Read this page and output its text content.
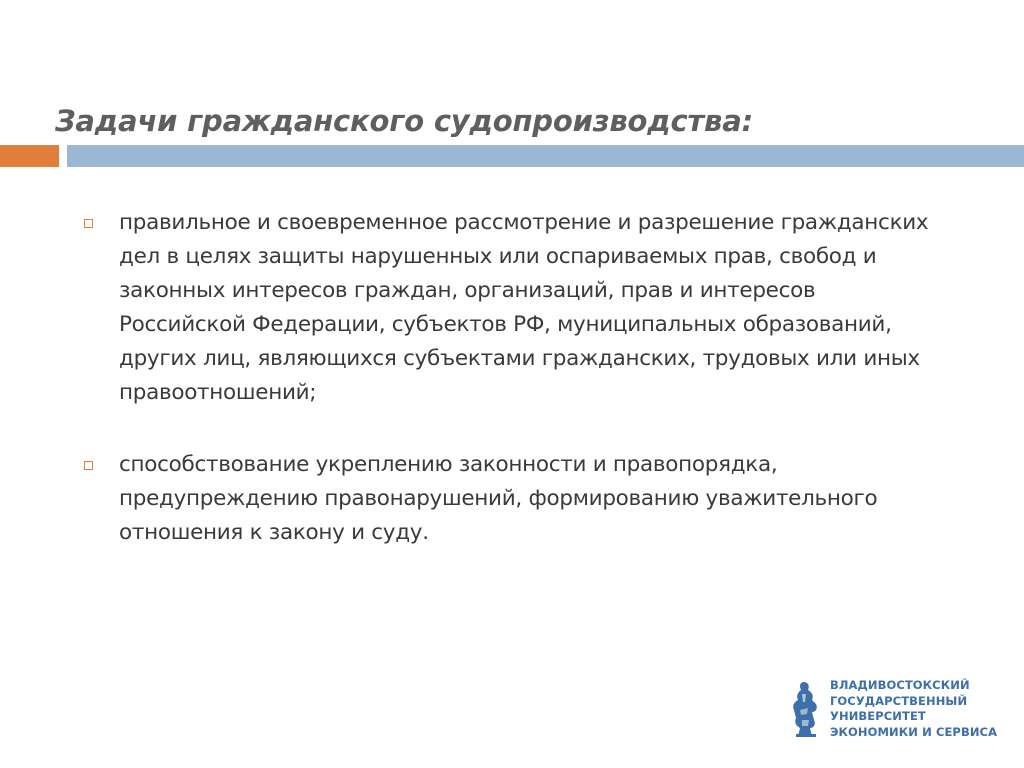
Задачи гражданского судопроизводства:
правильное и своевременное рассмотрение и разрешение гражданских дел в целях защиты нарушенных или оспариваемых прав, свобод и законных интересов граждан, организаций, прав и интересов Российской Федерации, субъектов РФ, муниципальных образований, других лиц, являющихся субъектами гражданских, трудовых или иных правоотношений;
способствование укреплению законности и правопорядка, предупреждению правонарушений, формированию уважительного отношения к закону и суду.
ВЛАДИВОСТОКСКИЙ
ГОСУДАРСТВЕННЫЙ
УНИВЕРСИТЕТ
ЭКОНОМИКИ И СЕРВИСА
